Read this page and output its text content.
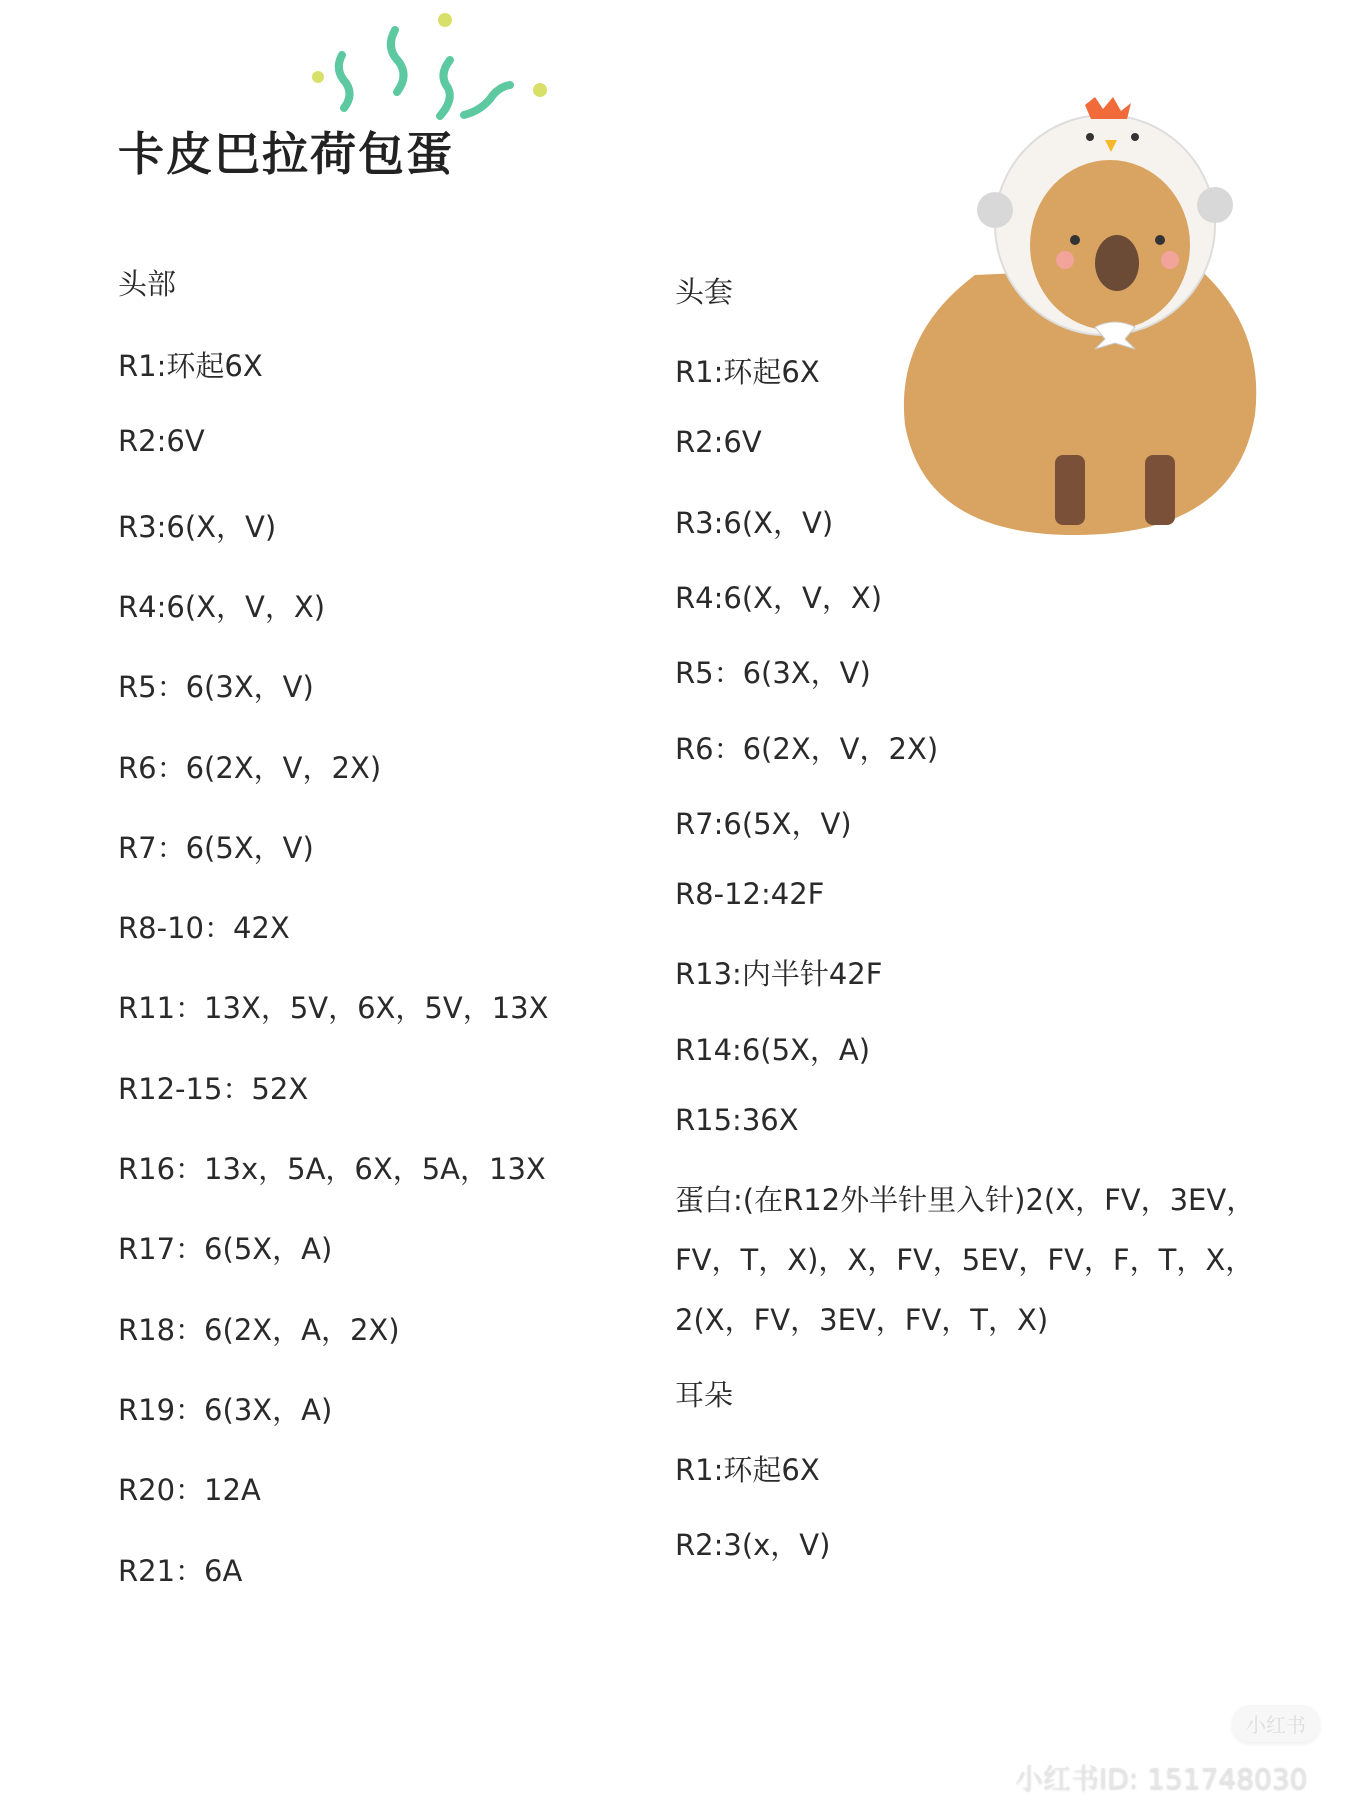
卡皮巴拉荷包蛋
头部
R1:环起6X
R2:6V
R3:6(X，V)
R4:6(X，V，X)
R5：6(3X，V)
R6：6(2X，V，2X)
R7：6(5X，V)
R8-10：42X
R11：13X，5V，6X，5V，13X
R12-15：52X
R16：13x，5A，6X，5A，13X
R17：6(5X，A)
R18：6(2X，A，2X)
R19：6(3X，A)
R20：12A
R21：6A
头套
R1:环起6X
R2:6V
R3:6(X，V)
R4:6(X，V，X)
R5：6(3X，V)
R6：6(2X，V，2X)
R7:6(5X，V)
R8-12:42F
R13:内半针42F
R14:6(5X，A)
R15:36X
蛋白:(在R12外半针里入针)2(X，FV，3EV，
FV，T，X)，X，FV，5EV，FV，F，T，X，
2(X，FV，3EV，FV，T，X)
耳朵
R1:环起6X
R2:3(x，V)
小红书
小红书ID: 151748030
